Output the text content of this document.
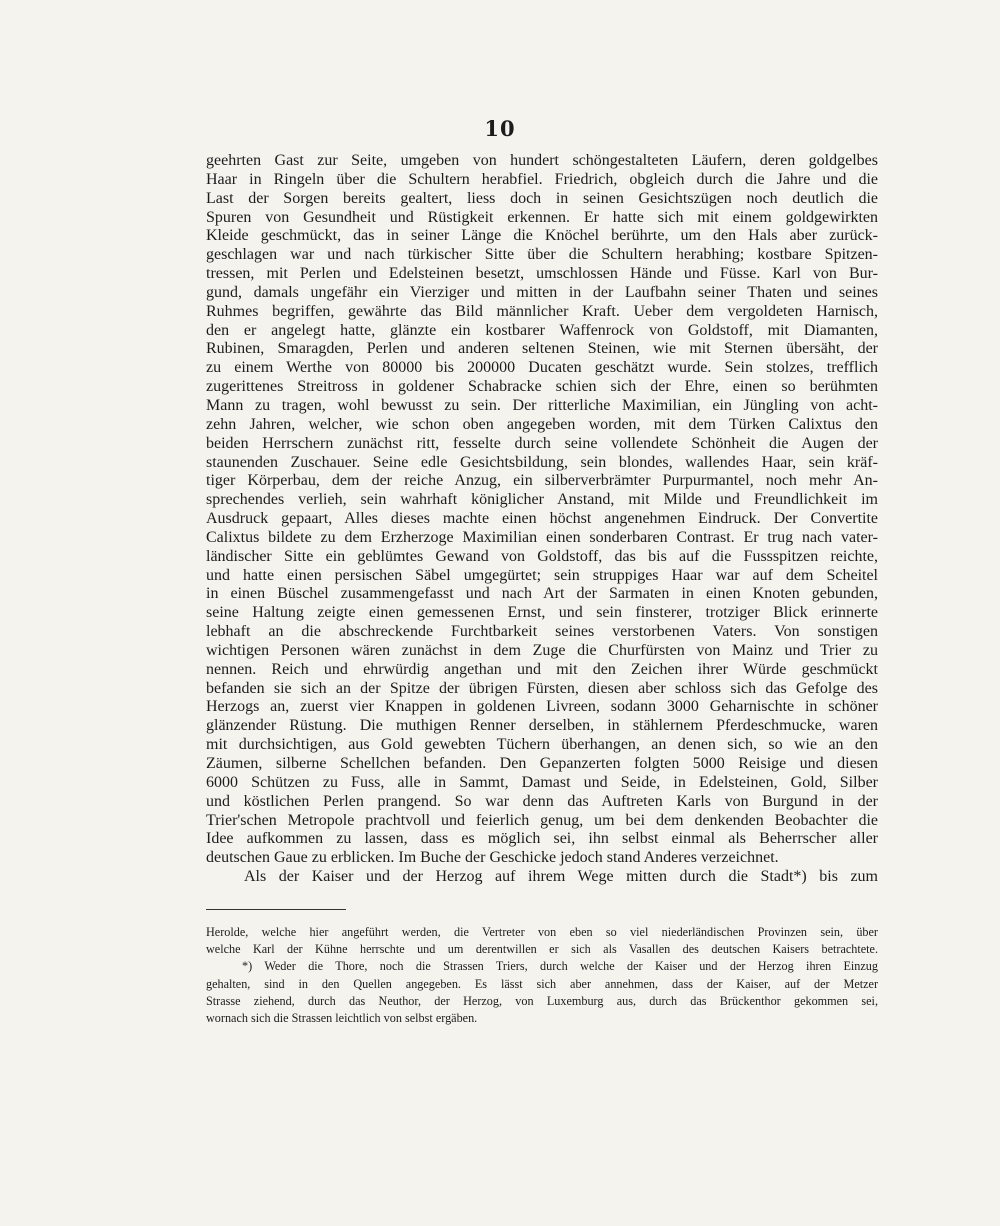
10
geehrten Gast zur Seite, umgeben von hundert schöngestalteten Läufern, deren goldgelbes
Haar in Ringeln über die Schultern herabfiel. Friedrich, obgleich durch die Jahre und die
Last der Sorgen bereits gealtert, liess doch in seinen Gesichtszügen noch deutlich die
Spuren von Gesundheit und Rüstigkeit erkennen. Er hatte sich mit einem goldgewirkten
Kleide geschmückt, das in seiner Länge die Knöchel berührte, um den Hals aber zurück-
geschlagen war und nach türkischer Sitte über die Schultern herabhing; kostbare Spitzen-
tressen, mit Perlen und Edelsteinen besetzt, umschlossen Hände und Füsse. Karl von Bur-
gund, damals ungefähr ein Vierziger und mitten in der Laufbahn seiner Thaten und seines
Ruhmes begriffen, gewährte das Bild männlicher Kraft. Ueber dem vergoldeten Harnisch,
den er angelegt hatte, glänzte ein kostbarer Waffenrock von Goldstoff, mit Diamanten,
Rubinen, Smaragden, Perlen und anderen seltenen Steinen, wie mit Sternen übersäht, der
zu einem Werthe von 80000 bis 200000 Ducaten geschätzt wurde. Sein stolzes, trefflich
zugerittenes Streitross in goldener Schabracke schien sich der Ehre, einen so berühmten
Mann zu tragen, wohl bewusst zu sein. Der ritterliche Maximilian, ein Jüngling von acht-
zehn Jahren, welcher, wie schon oben angegeben worden, mit dem Türken Calixtus den
beiden Herrschern zunächst ritt, fesselte durch seine vollendete Schönheit die Augen der
staunenden Zuschauer. Seine edle Gesichtsbildung, sein blondes, wallendes Haar, sein kräf-
tiger Körperbau, dem der reiche Anzug, ein silberverbrämter Purpurmantel, noch mehr An-
sprechendes verlieh, sein wahrhaft königlicher Anstand, mit Milde und Freundlichkeit im
Ausdruck gepaart, Alles dieses machte einen höchst angenehmen Eindruck. Der Convertite
Calixtus bildete zu dem Erzherzoge Maximilian einen sonderbaren Contrast. Er trug nach vater-
ländischer Sitte ein geblümtes Gewand von Goldstoff, das bis auf die Fussspitzen reichte,
und hatte einen persischen Säbel umgegürtet; sein struppiges Haar war auf dem Scheitel
in einen Büschel zusammengefasst und nach Art der Sarmaten in einen Knoten gebunden,
seine Haltung zeigte einen gemessenen Ernst, und sein finsterer, trotziger Blick erinnerte
lebhaft an die abschreckende Furchtbarkeit seines verstorbenen Vaters. Von sonstigen
wichtigen Personen wären zunächst in dem Zuge die Churfürsten von Mainz und Trier zu
nennen. Reich und ehrwürdig angethan und mit den Zeichen ihrer Würde geschmückt
befanden sie sich an der Spitze der übrigen Fürsten, diesen aber schloss sich das Gefolge des
Herzogs an, zuerst vier Knappen in goldenen Livreen, sodann 3000 Geharnischte in schöner
glänzender Rüstung. Die muthigen Renner derselben, in stählernem Pferdeschmucke, waren
mit durchsichtigen, aus Gold gewebten Tüchern überhangen, an denen sich, so wie an den
Zäumen, silberne Schellchen befanden. Den Gepanzerten folgten 5000 Reisige und diesen
6000 Schützen zu Fuss, alle in Sammt, Damast und Seide, in Edelsteinen, Gold, Silber
und köstlichen Perlen prangend. So war denn das Auftreten Karls von Burgund in der
Trier'schen Metropole prachtvoll und feierlich genug, um bei dem denkenden Beobachter die
Idee aufkommen zu lassen, dass es möglich sei, ihn selbst einmal als Beherrscher aller
deutschen Gaue zu erblicken. Im Buche der Geschicke jedoch stand Anderes verzeichnet.
Als der Kaiser und der Herzog auf ihrem Wege mitten durch die Stadt*) bis zum
Herolde, welche hier angeführt werden, die Vertreter von eben so viel niederländischen Provinzen sein, über
welche Karl der Kühne herrschte und um derentwillen er sich als Vasallen des deutschen Kaisers betrachtete.
*) Weder die Thore, noch die Strassen Triers, durch welche der Kaiser und der Herzog ihren Einzug
gehalten, sind in den Quellen angegeben. Es lässt sich aber annehmen, dass der Kaiser, auf der Metzer
Strasse ziehend, durch das Neuthor, der Herzog, von Luxemburg aus, durch das Brückenthor gekommen sei,
wornach sich die Strassen leichtlich von selbst ergäben.
